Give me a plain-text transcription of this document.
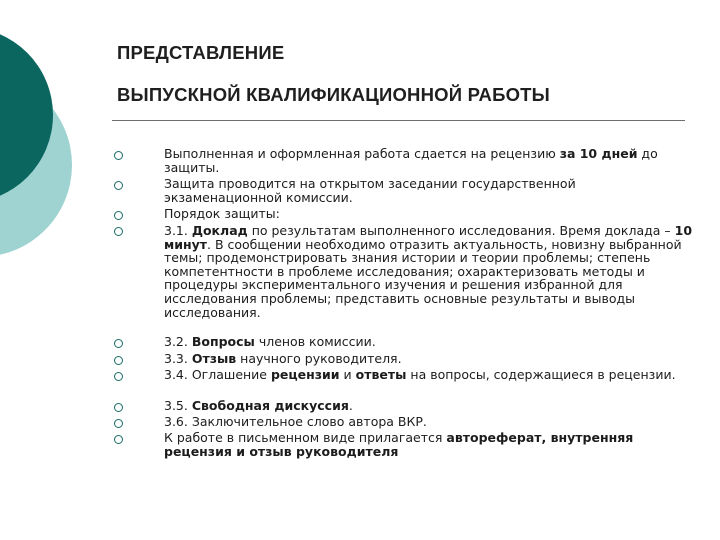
ПРЕДСТАВЛЕНИЕ
ВЫПУСКНОЙ КВАЛИФИКАЦИОННОЙ РАБОТЫ
Выполненная и оформленная работа сдается на рецензию за 10 дней до защиты.
Защита проводится на открытом заседании государственной экзаменационной комиссии.
Порядок защиты:
3.1. Доклад по результатам выполненного исследования. Время доклада – 10 минут. В сообщении необходимо отразить актуальность, новизну выбранной темы; продемонстрировать знания истории и теории проблемы; степень компетентности в проблеме исследования; охарактеризовать методы и процедуры экспериментального изучения и решения избранной для исследования проблемы; представить основные результаты и выводы исследования.
3.2. Вопросы членов комиссии.
3.3. Отзыв научного руководителя.
3.4. Оглашение рецензии и ответы на вопросы, содержащиеся в рецензии.
3.5. Свободная дискуссия.
3.6. Заключительное слово автора ВКР.
К работе в письменном виде прилагается автореферат, внутренняя рецензия и отзыв руководителя
